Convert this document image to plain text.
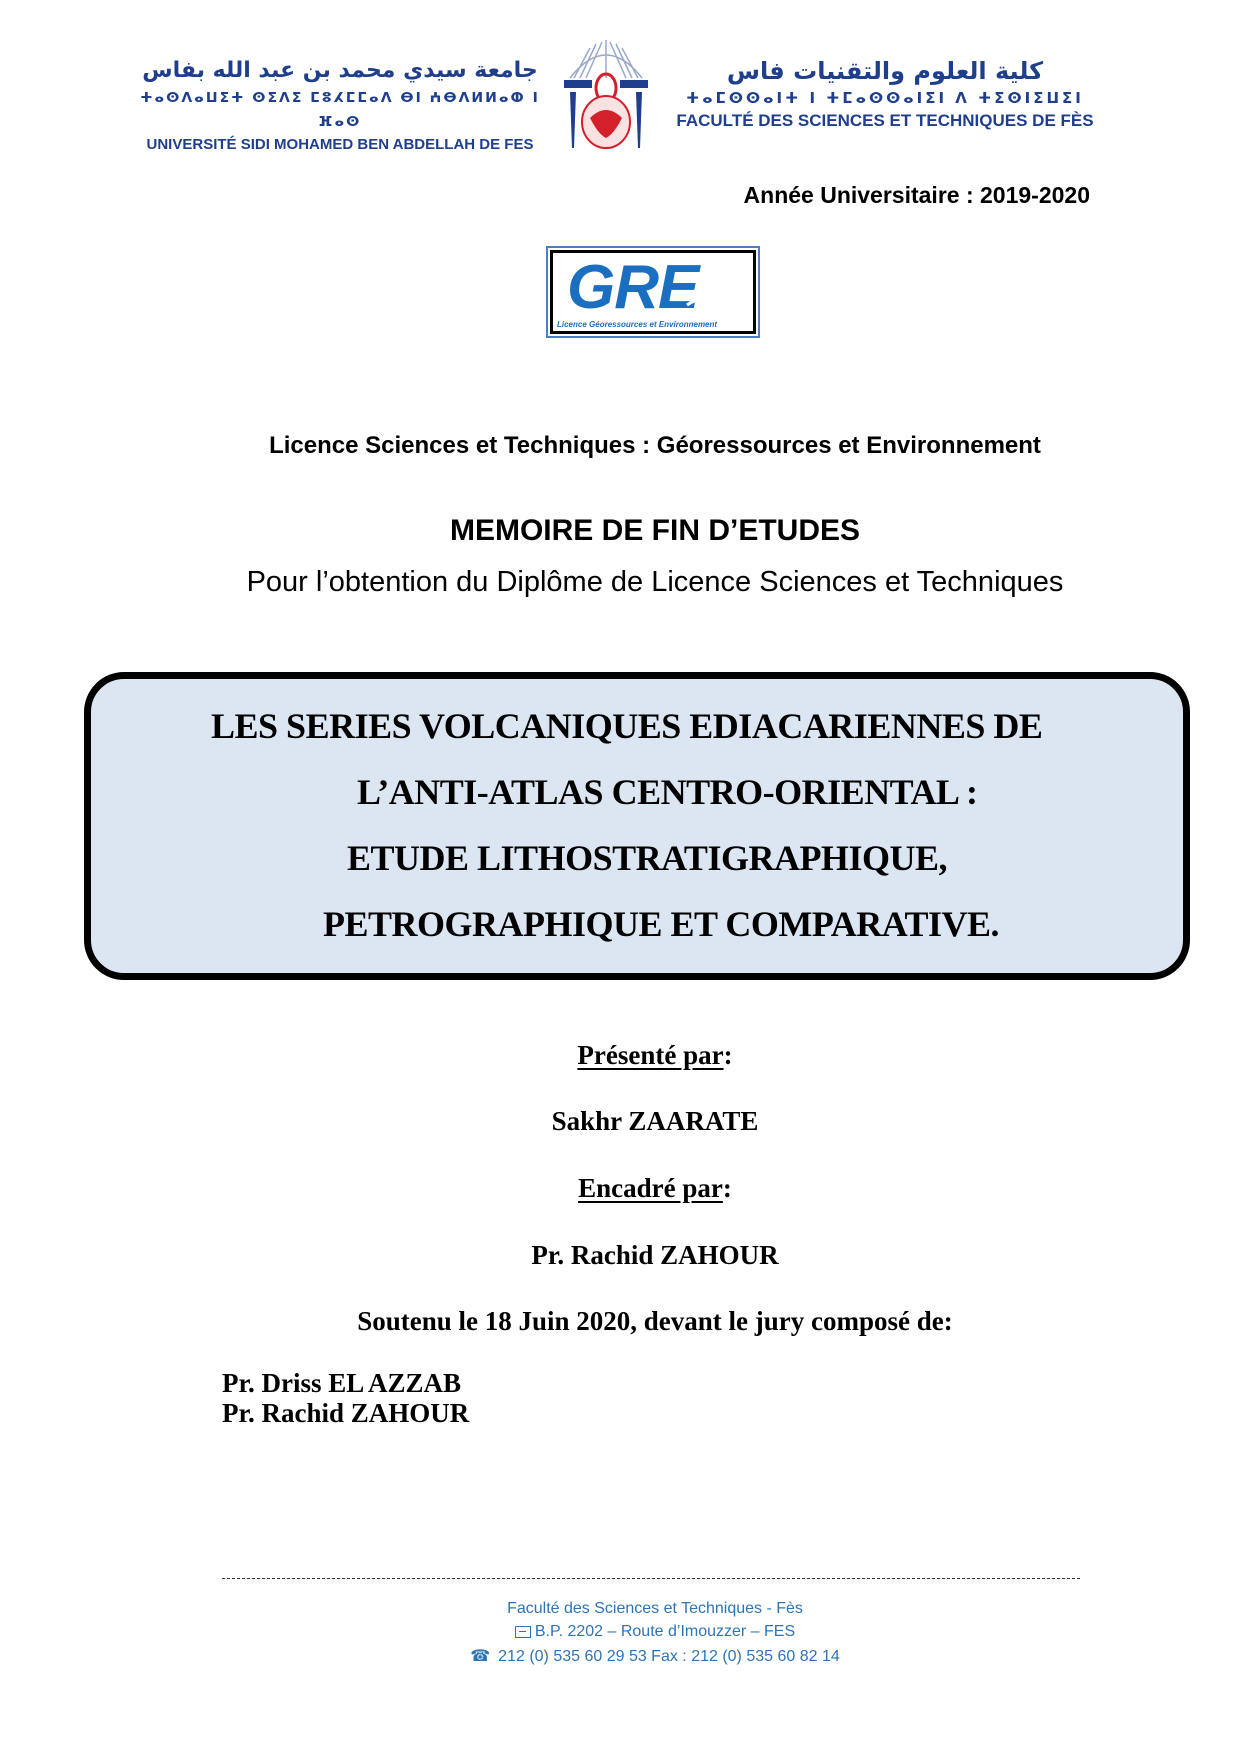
جامعة سيدي محمد بن عبد الله بفاس
ⵜⴰⵙⴷⴰⵡⵉⵜ ⵙⵉⴷⵉ ⵎⵓⵃⵎⵎⴰⴷ ⴱⵏ ⵄⴱⴷⵍⵍⴰⵀ ⵏ ⴼⴰⵙ
UNIVERSITÉ SIDI MOHAMED BEN ABDELLAH DE FES
كلية العلوم والتقنيات فاس
ⵜⴰⵎⵙⵙⴰⵏⵜ ⵏ ⵜⵎⴰⵙⵙⴰⵏⵉⵏ ⴷ ⵜⵉⵙⵏⵉⵡⵉⵏ
FACULTÉ DES SCIENCES ET TECHNIQUES DE FÈS
Année Universitaire : 2019-2020
GRE
Licence Géoressources et Environnement
Licence Sciences et Techniques : Géoressources et Environnement
MEMOIRE DE FIN D’ETUDES
Pour l’obtention du Diplôme de Licence Sciences et Techniques
LES SERIES VOLCANIQUES EDIACARIENNES DE
L’ANTI-ATLAS CENTRO-ORIENTAL :
ETUDE LITHOSTRATIGRAPHIQUE,
PETROGRAPHIQUE ET COMPARATIVE.
Présenté par:
Sakhr ZAARATE
Encadré par:
Pr. Rachid ZAHOUR
Soutenu le 18 Juin 2020, devant le jury composé de:
Pr. Driss EL AZZAB
Pr. Rachid ZAHOUR
Faculté des Sciences et Techniques - Fès
B.P. 2202 – Route d’Imouzzer – FES
☎ 212 (0) 535 60 29 53 Fax : 212 (0) 535 60 82 14
